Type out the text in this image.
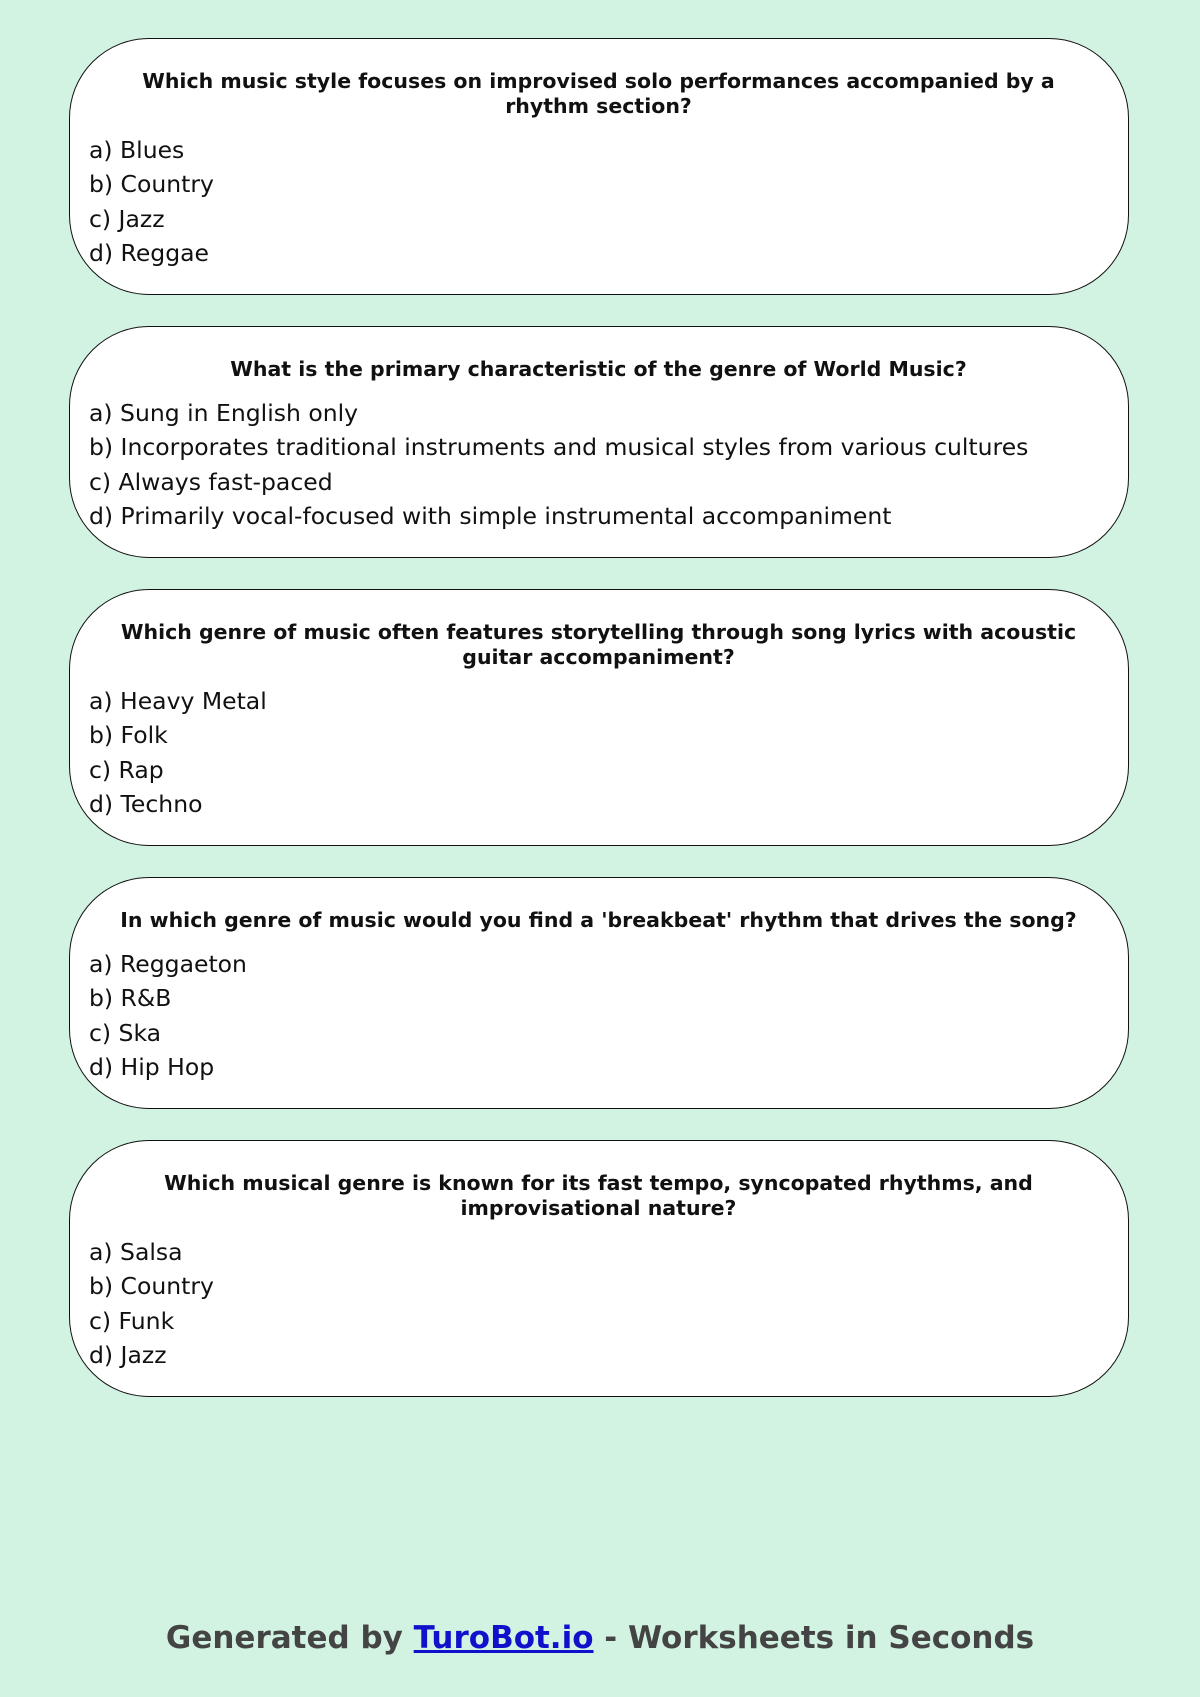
Which music style focuses on improvised solo performances accompanied by a rhythm section?
a) Blues
b) Country
c) Jazz
d) Reggae
What is the primary characteristic of the genre of World Music?
a) Sung in English only
b) Incorporates traditional instruments and musical styles from various cultures
c) Always fast-paced
d) Primarily vocal-focused with simple instrumental accompaniment
Which genre of music often features storytelling through song lyrics with acoustic guitar accompaniment?
a) Heavy Metal
b) Folk
c) Rap
d) Techno
In which genre of music would you find a 'breakbeat' rhythm that drives the song?
a) Reggaeton
b) R&B
c) Ska
d) Hip Hop
Which musical genre is known for its fast tempo, syncopated rhythms, and improvisational nature?
a) Salsa
b) Country
c) Funk
d) Jazz
Generated by TuroBot.io - Worksheets in Seconds
